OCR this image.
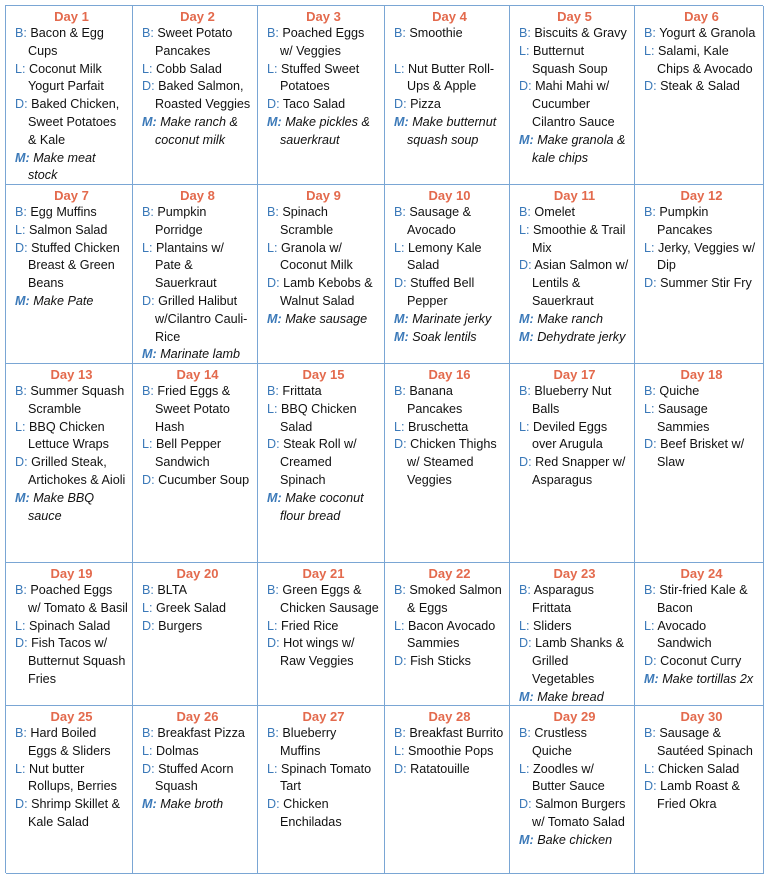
Day 1
B: Bacon & Egg Cups
L: Coconut Milk Yogurt Parfait
D: Baked Chicken, Sweet Potatoes & Kale
M: Make meat stock
Day 2
B: Sweet Potato Pancakes
L: Cobb Salad
D: Baked Salmon, Roasted Veggies
M: Make ranch & coconut milk
Day 3
B: Poached Eggs w/ Veggies
L: Stuffed Sweet Potatoes
D: Taco Salad
M: Make pickles & sauerkraut
Day 4
B: Smoothie

L: Nut Butter Roll-Ups & Apple
D: Pizza
M: Make butternut squash soup
Day 5
B: Biscuits & Gravy
L: Butternut Squash Soup
D: Mahi Mahi w/ Cucumber Cilantro Sauce
M: Make granola & kale chips
Day 6
B: Yogurt & Granola
L: Salami, Kale Chips & Avocado
D: Steak & Salad
Day 7
B: Egg Muffins
L: Salmon Salad
D: Stuffed Chicken Breast & Green Beans
M: Make Pate
Day 8
B: Pumpkin Porridge
L: Plantains w/ Pate & Sauerkraut
D: Grilled Halibut w/Cilantro Cauli- Rice
M: Marinate lamb
Day 9
B: Spinach Scramble
L: Granola w/ Coconut Milk
D: Lamb Kebobs & Walnut Salad
M: Make sausage
Day 10
B: Sausage & Avocado
L: Lemony Kale Salad
D: Stuffed Bell Pepper
M: Marinate jerky
M: Soak lentils
Day 11
B: Omelet
L: Smoothie & Trail Mix
D: Asian Salmon w/ Lentils & Sauerkraut
M: Make ranch
M: Dehydrate jerky
Day 12
B: Pumpkin Pancakes
L: Jerky, Veggies w/ Dip
D: Summer Stir Fry
Day 13
B: Summer Squash Scramble
L: BBQ Chicken Lettuce Wraps
D: Grilled Steak, Artichokes & Aioli
M: Make BBQ sauce
Day 14
B: Fried Eggs & Sweet Potato Hash
L: Bell Pepper Sandwich
D: Cucumber Soup
Day 15
B: Frittata
L: BBQ Chicken Salad
D: Steak Roll w/ Creamed Spinach
M: Make coconut flour bread
Day 16
B: Banana Pancakes
L: Bruschetta
D: Chicken Thighs w/ Steamed Veggies
Day 17
B: Blueberry Nut Balls
L: Deviled Eggs over Arugula
D: Red Snapper w/ Asparagus
Day 18
B: Quiche
L: Sausage Sammies
D: Beef Brisket w/ Slaw
Day 19
B: Poached Eggs w/ Tomato & Basil
L: Spinach Salad
D: Fish Tacos w/ Butternut Squash Fries
Day 20
B: BLTA
L: Greek Salad
D: Burgers
Day 21
B: Green Eggs & Chicken Sausage
L: Fried Rice
D: Hot wings w/ Raw Veggies
Day 22
B: Smoked Salmon & Eggs
L: Bacon Avocado Sammies
D: Fish Sticks
Day 23
B: Asparagus Frittata
L: Sliders
D: Lamb Shanks & Grilled Vegetables
M: Make bread
Day 24
B: Stir-fried Kale & Bacon
L: Avocado Sandwich
D: Coconut Curry
M: Make tortillas 2x
Day 25
B: Hard Boiled Eggs & Sliders
L: Nut butter Rollups, Berries
D: Shrimp Skillet & Kale Salad
Day 26
B: Breakfast Pizza
L: Dolmas
D: Stuffed Acorn Squash
M: Make broth
Day 27
B: Blueberry Muffins
L: Spinach Tomato Tart
D: Chicken Enchiladas
Day 28
B: Breakfast Burrito
L: Smoothie Pops
D: Ratatouille
Day 29
B: Crustless Quiche
L: Zoodles w/ Butter Sauce
D: Salmon Burgers w/ Tomato Salad
M: Bake chicken
Day 30
B: Sausage & Sautéed Spinach
L: Chicken Salad
D: Lamb Roast & Fried Okra
